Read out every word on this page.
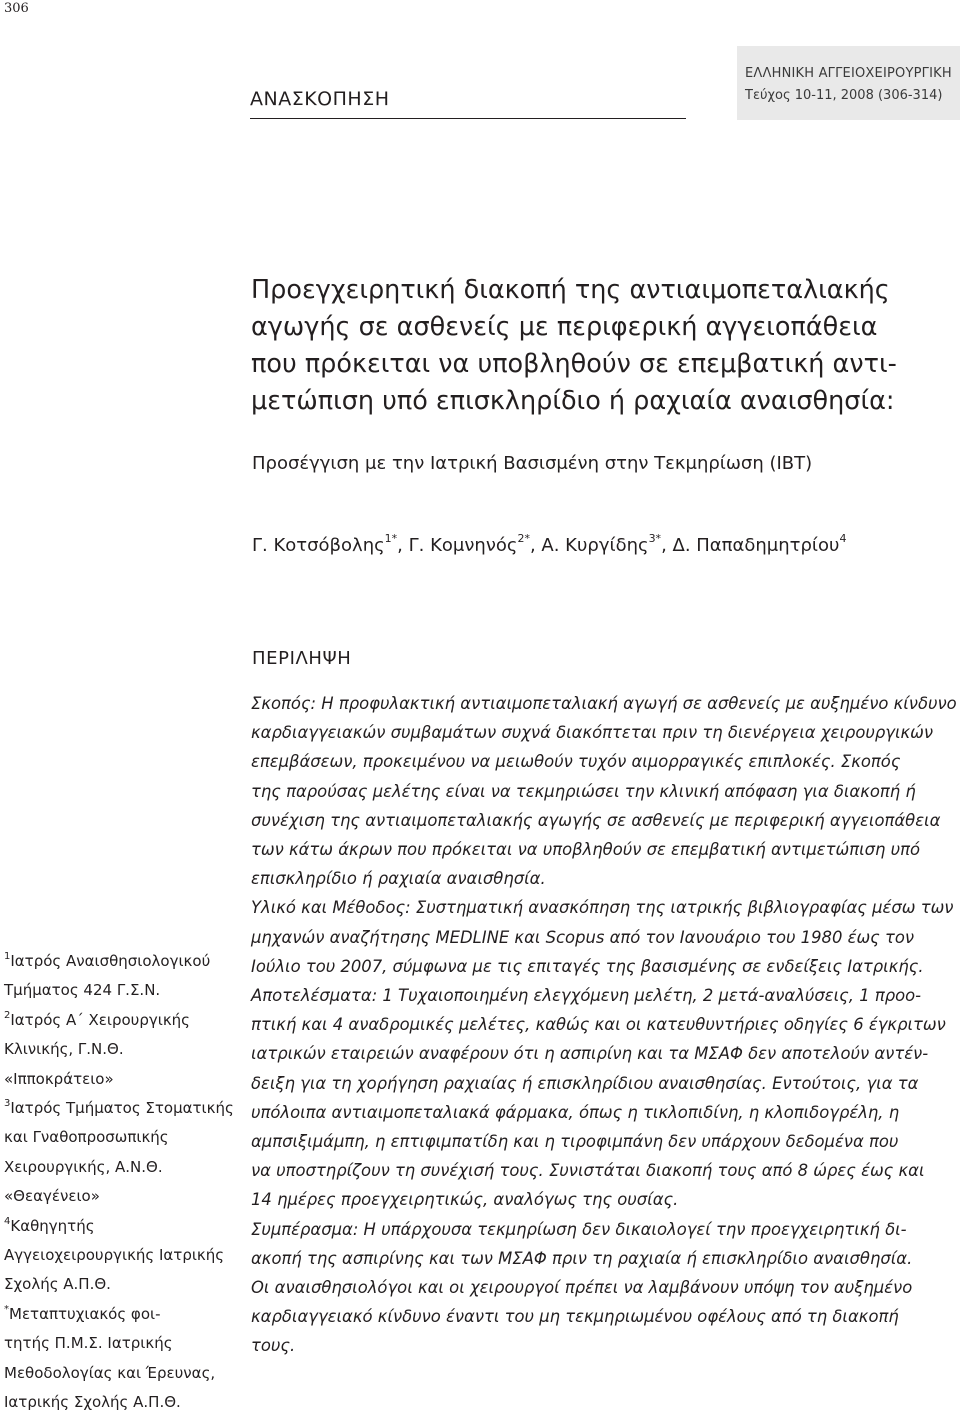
306
ΑΝΑΣΚΟΠΗΣΗ
ΕΛΛΗΝΙΚΗ ΑΓΓΕΙΟΧΕΙΡΟΥΡΓΙΚΗ
Τεύχος 10-11, 2008 (306-314)
Προεγχειρητική διακοπή της αντιαιμοπεταλιακής
αγωγής σε ασθενείς με περιφερική αγγειοπάθεια
που πρόκειται να υποβληθούν σε επεμβατική αντι-
μετώπιση υπό επισκληρίδιο ή ραχιαία αναισθησία:
Προσέγγιση με την Ιατρική Βασισμένη στην Τεκμηρίωση (ΙΒΤ)
Γ. Κοτσόβολης$^{1*}$, Γ. Κομνηνός$^{2*}$, Α. Κυργίδης$^{3*}$, Δ. Παπαδημητρίου$^4$
ΠΕΡΙΛΗΨΗ
Σκοπός: Η προφυλακτική αντιαιμοπεταλιακή αγωγή σε ασθενείς με αυξημένο κίνδυνο
καρδιαγγειακών συμβαμάτων συχνά διακόπτεται πριν τη διενέργεια χειρουργικών
επεμβάσεων, προκειμένου να μειωθούν τυχόν αιμορραγικές επιπλοκές. Σκοπός
της παρούσας μελέτης είναι να τεκμηριώσει την κλινική απόφαση για διακοπή ή
συνέχιση της αντιαιμοπεταλιακής αγωγής σε ασθενείς με περιφερική αγγειοπάθεια
των κάτω άκρων που πρόκειται να υποβληθούν σε επεμβατική αντιμετώπιση υπό
επισκληρίδιο ή ραχιαία αναισθησία.
Υλικό και Μέθοδος: Συστηματική ανασκόπηση της ιατρικής βιβλιογραφίας μέσω των
μηχανών αναζήτησης MEDLINE και Scopus από τον Ιανουάριο του 1980 έως τον
Ιούλιο του 2007, σύμφωνα με τις επιταγές της βασισμένης σε ενδείξεις Ιατρικής.
Αποτελέσματα: 1 Τυχαιοποιημένη ελεγχόμενη μελέτη, 2 μετά-αναλύσεις, 1 προο-
πτική και 4 αναδρομικές μελέτες, καθώς και οι κατευθυντήριες οδηγίες 6 έγκριτων
ιατρικών εταιρειών αναφέρουν ότι η ασπιρίνη και τα ΜΣΑΦ δεν αποτελούν αντέν-
δειξη για τη χορήγηση ραχιαίας ή επισκληρίδιου αναισθησίας. Εντούτοις, για τα
υπόλοιπα αντιαιμοπεταλιακά φάρμακα, όπως η τικλοπιδίνη, η κλοπιδογρέλη, η
αμπσιξιμάμπη, η επτιφιμπατίδη και η τιροφιμπάνη δεν υπάρχουν δεδομένα που
να υποστηρίζουν τη συνέχισή τους. Συνιστάται διακοπή τους από 8 ώρες έως και
14 ημέρες προεγχειρητικώς, αναλόγως της ουσίας.
Συμπέρασμα: Η υπάρχουσα τεκμηρίωση δεν δικαιολογεί την προεγχειρητική δι-
ακοπή της ασπιρίνης και των ΜΣΑΦ πριν τη ραχιαία ή επισκληρίδιο αναισθησία.
Οι αναισθησιολόγοι και οι χειρουργοί πρέπει να λαμβάνουν υπόψη τον αυξημένο
καρδιαγγειακό κίνδυνο έναντι του μη τεκμηριωμένου οφέλους από τη διακοπή
τους.
$^1$Ιατρός Αναισθησιολογικού
Τμήματος 424 Γ.Σ.Ν.
$^2$Ιατρός Α΄ Χειρουργικής
Κλινικής, Γ.Ν.Θ.
«Ιπποκράτειο»
$^3$Ιατρός Τμήματος Στοματικής
και Γναθοπροσωπικής
Χειρουργικής, Α.Ν.Θ.
«Θεαγένειο»
$^4$Καθηγητής
Αγγειοχειρουργικής Ιατρικής
Σχολής Α.Π.Θ.
*Μεταπτυχιακός φοι-
τητής Π.Μ.Σ. Ιατρικής
Μεθοδολογίας και Έρευνας,
Ιατρικής Σχολής Α.Π.Θ.
